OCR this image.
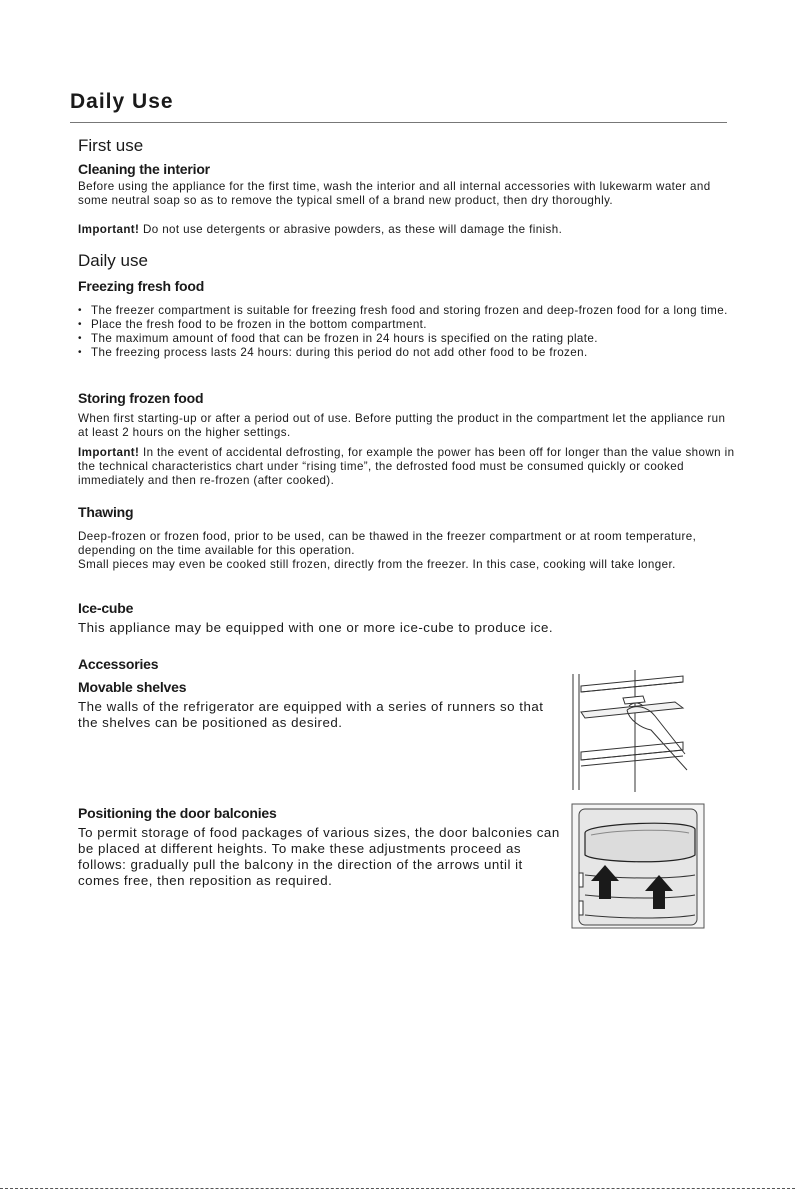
Daily Use
First use
Cleaning the interior
Before using the appliance for the first time, wash the interior and all internal accessories with lukewarm water and some neutral soap so as to remove the typical smell of a brand new product, then dry thoroughly.
Important! Do not use detergents or abrasive powders, as these will damage the finish.
Daily use
Freezing fresh food
• The freezer compartment is suitable for freezing fresh food and storing frozen and deep-frozen food for a long time.
• Place the fresh food to be frozen in the bottom compartment.
• The maximum amount of food that can be frozen in 24 hours is specified on the rating plate.
• The freezing process lasts 24 hours: during this period do not add other food to be frozen.
Storing frozen food
When first starting-up or after a period out of use. Before putting the product in the compartment let the appliance run at least 2 hours on the higher settings.
Important! In the event of accidental defrosting, for example the power has been off for longer than the value shown in the technical characteristics chart under “rising time”, the defrosted food must be consumed quickly or cooked immediately and then re-frozen (after cooked).
Thawing
Deep-frozen or frozen food, prior to be used, can be thawed in the freezer compartment or at room temperature, depending on the time available for this operation.
Small pieces may even be cooked still frozen, directly from the freezer. In this case, cooking will take longer.
Ice-cube
This appliance may be equipped with one or more ice-cube to produce ice.
Accessories
Movable shelves
The walls of the refrigerator are equipped with a series of runners so that the shelves can be positioned as desired.
Positioning the door balconies
To permit storage of food packages of various sizes, the door balconies can be placed at different heights. To make these adjustments proceed as follows: gradually pull the balcony in the direction of the arrows until it comes free, then reposition as required.
